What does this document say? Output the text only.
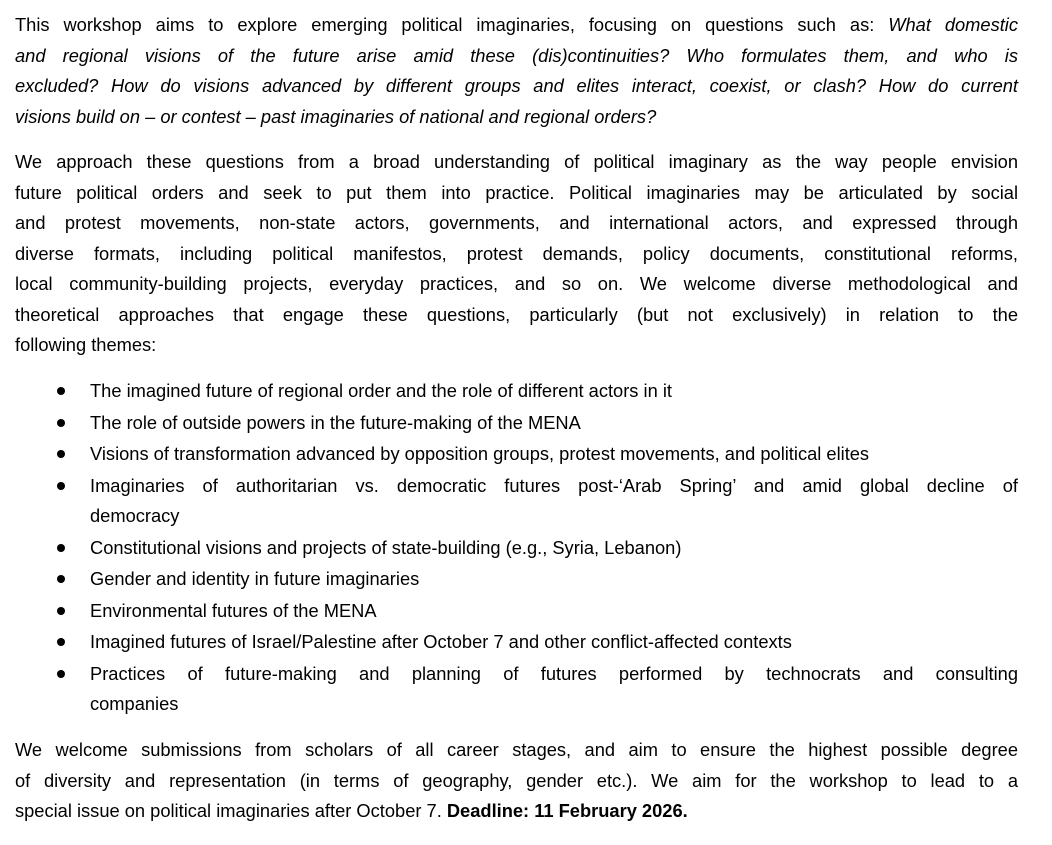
This workshop aims to explore emerging political imaginaries, focusing on questions such as: What domestic
and regional visions of the future arise amid these (dis)continuities? Who formulates them, and who is
excluded? How do visions advanced by different groups and elites interact, coexist, or clash? How do current
visions build on – or contest – past imaginaries of national and regional orders?
We approach these questions from a broad understanding of political imaginary as the way people envision
future political orders and seek to put them into practice. Political imaginaries may be articulated by social
and protest movements, non-state actors, governments, and international actors, and expressed through
diverse formats, including political manifestos, protest demands, policy documents, constitutional reforms,
local community-building projects, everyday practices, and so on. We welcome diverse methodological and
theoretical approaches that engage these questions, particularly (but not exclusively) in relation to the
following themes:
The imagined future of regional order and the role of different actors in it
The role of outside powers in the future-making of the MENA
Visions of transformation advanced by opposition groups, protest movements, and political elites
Imaginaries of authoritarian vs. democratic futures post-‘Arab Spring’ and amid global decline of
democracy
Constitutional visions and projects of state-building (e.g., Syria, Lebanon)
Gender and identity in future imaginaries
Environmental futures of the MENA
Imagined futures of Israel/Palestine after October 7 and other conflict-affected contexts
Practices of future-making and planning of futures performed by technocrats and consulting
companies
We welcome submissions from scholars of all career stages, and aim to ensure the highest possible degree
of diversity and representation (in terms of geography, gender etc.). We aim for the workshop to lead to a
special issue on political imaginaries after October 7. Deadline: 11 February 2026.
